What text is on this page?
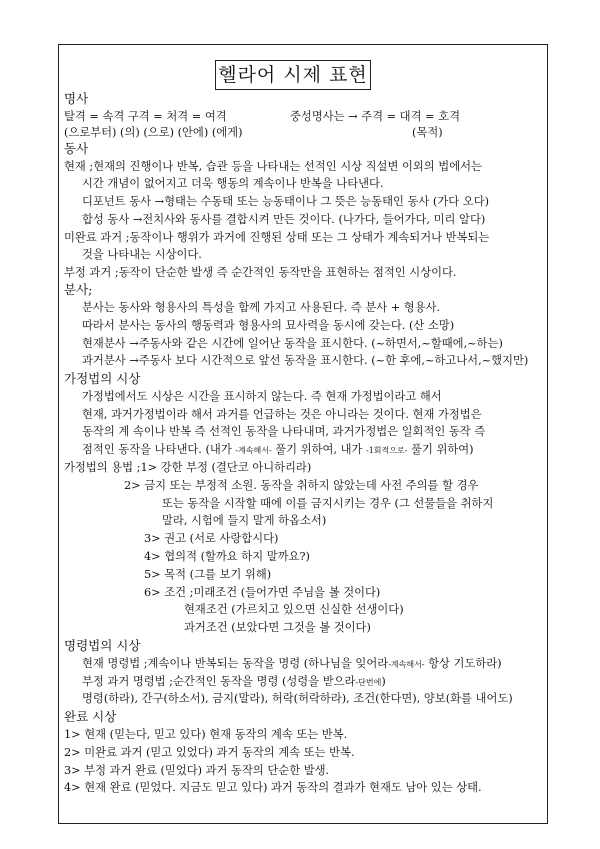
헬라어 시제 표현
명사
탈격 = 속격 구격 = 처격 = 여격	중성명사는 → 주격 = 대격 = 호격
(으로부터) (의) (으로) (안에) (에게)	(목적)
동사
현재 ;현재의 진행이나 반복, 습관 등을 나타내는 선적인 시상 직설변 이외의 법에서는
시간 개념이 없어지고 더욱 행동의 계속이나 반복을 나타낸다.
디포넌트 동사 →형태는 수동태 또는 능동태이나 그 뜻은 능동태인 동사 (가다 오다)
합성 동사 →전치사와 동사를 결합시켜 만든 것이다. (나가다, 들어가다, 미리 알다)
미완료 과거 ;동작이나 행위가 과거에 진행된 상태 또는 그 상태가 계속되거나 반복되는
것을 나타내는 시상이다.
부정 과거 ;동작이 단순한 발생 즉 순간적인 동작만을 표현하는 점적인 시상이다.
분사;
분사는 동사와 형용사의 특성을 함께 가지고 사용된다. 즉 분사 + 형용사.
따라서 분사는 동사의 행동력과 형용사의 묘사력을 동시에 갖는다. (산 소망)
현재분사 →주동사와 같은 시간에 일어난 동작을 표시한다. (~하면서,~할때에,~하는)
과거분사 →주동사 보다 시간적으로 앞선 동작을 표시한다. (~한 후에,~하고나서,~했지만)
가정법의 시상
가정법에서도 시상은 시간을 표시하지 않는다. 즉 현재 가정법이라고 해서
현재, 과거가정법이라 해서 과거를 언급하는 것은 아니라는 것이다. 현재 가정법은
동작의 계 속이나 반복 즉 선적인 동작을 나타내며, 과거가정법은 일회적인 동작 즉
점적인 동작을 나타낸다. (내가 -계속해서- 풀기 위하여, 내가 -1회적으로- 풀기 위하여)
가정법의 용법 ;1> 강한 부정 (결단코 아니하리라)
2> 금지 또는 부정적 소원. 동작을 취하지 않았는데 사전 주의를 할 경우
또는 동작을 시작할 때에 이를 금지시키는 경우 (그 선물들을 취하지
말라, 시험에 들지 말게 하옵소서)
3> 권고 (서로 사랑합시다)
4> 협의적 (할까요 하지 말까요?)
5> 목적 (그를 보기 위해)
6> 조건 ;미래조건 (들어가면 주님을 볼 것이다)
현재조건 (가르치고 있으면 신실한 선생이다)
과거조건 (보았다면 그것을 볼 것이다)
명령법의 시상
현재 명령법 ;계속이나 반복되는 동작을 명령 (하나님을 잊어라-계속해서- 항상 기도하라)
부정 과거 명령법 ;순간적인 동작을 명령 (성령을 받으라-단번에)
명령(하라), 간구(하소서), 금지(말라), 허락(허락하라), 조건(한다면), 양보(화를 내어도)
완료 시상
1> 현재 (믿는다, 믿고 있다) 현재 동작의 계속 또는 반복.
2> 미완료 과거 (믿고 있었다) 과거 동작의 계속 또는 반복.
3> 부정 과거 완료 (믿었다) 과거 동작의 단순한 발생.
4> 현재 완료 (믿었다. 지금도 믿고 있다) 과거 동작의 결과가 현재도 남아 있는 상태.
